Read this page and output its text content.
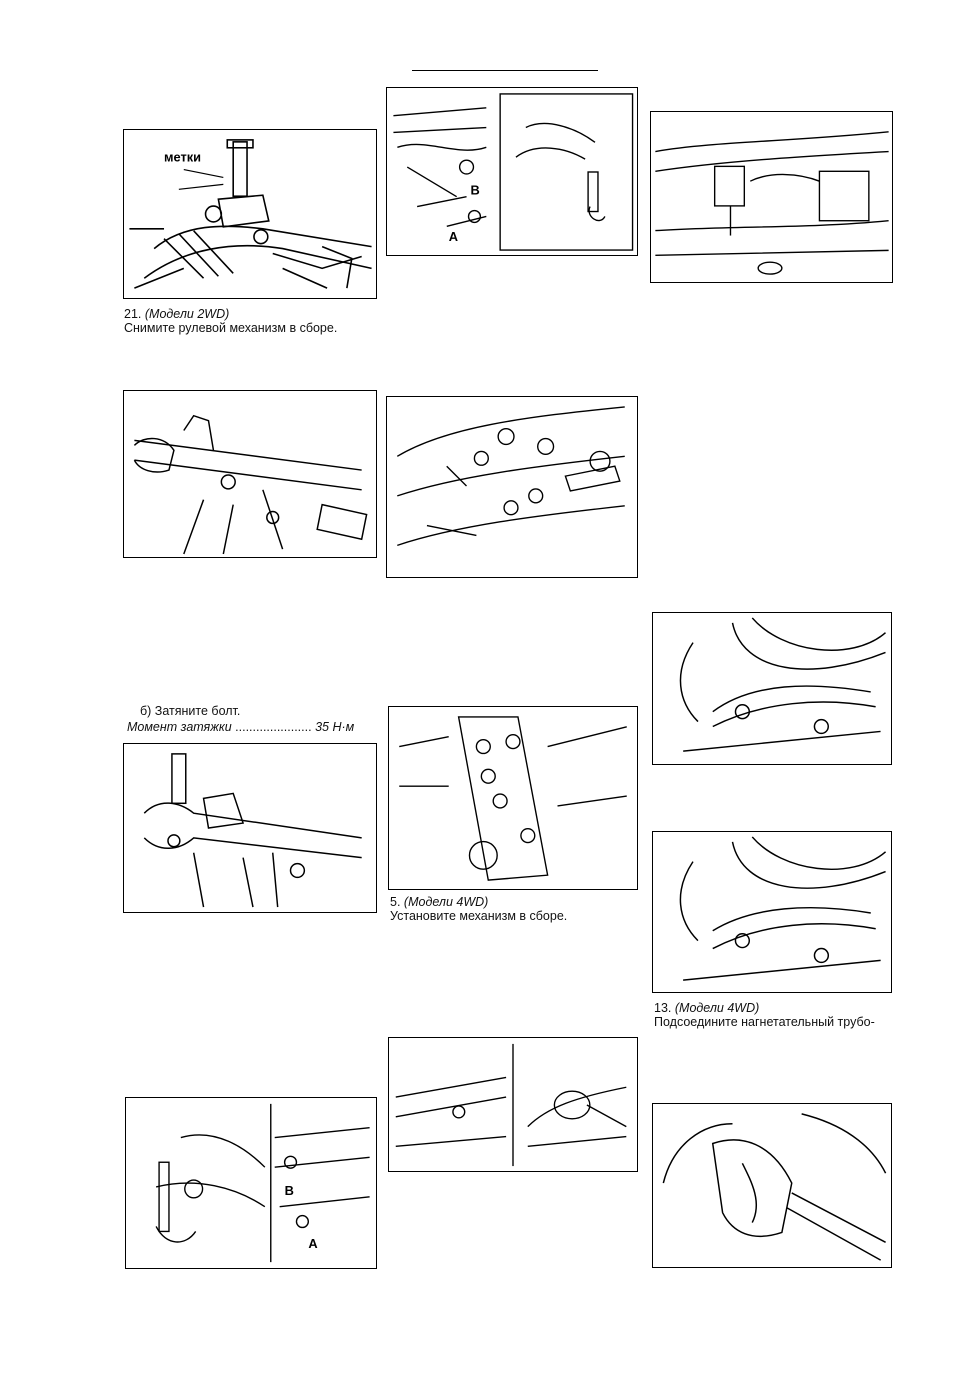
метки
21. (Модели 2WD)
Снимите рулевой механизм в сборе.
B
A
б) Затяните болт.
Момент затяжки ...................... 35 Н·м
5. (Модели 4WD)
Установите механизм в сборе.
13. (Модели 4WD)
Подсоедините нагнетательный трубо-
B
A
